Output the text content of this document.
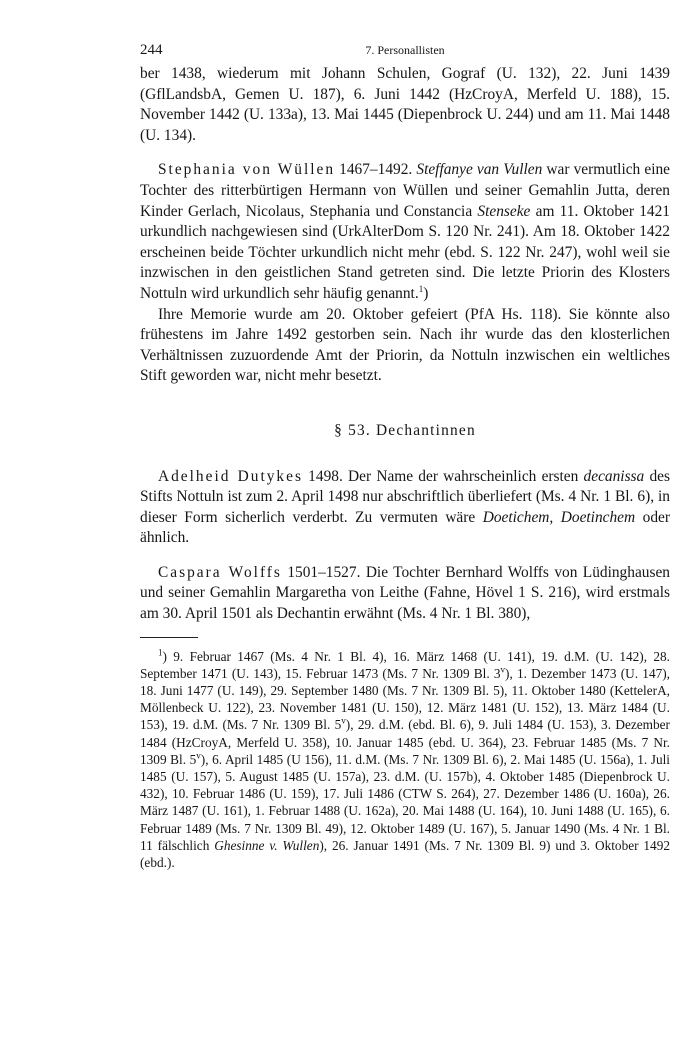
244	7. Personallisten

ber 1438, wiederum mit Johann Schulen, Gograf (U. 132), 22. Juni 1439 (GflLandsbA, Gemen U. 187), 6. Juni 1442 (HzCroyA, Merfeld U. 188), 15. November 1442 (U. 133a), 13. Mai 1445 (Diepenbrock U. 244) und am 11. Mai 1448 (U. 134).

Stephania von Wüllen 1467–1492. Steffanye van Vullen war vermutlich eine Tochter des ritterbürtigen Hermann von Wüllen und seiner Gemahlin Jutta, deren Kinder Gerlach, Nicolaus, Stephania und Constancia Stenseke am 11. Oktober 1421 urkundlich nachgewiesen sind (UrkAlterDom S. 120 Nr. 241). Am 18. Oktober 1422 erscheinen beide Töchter urkundlich nicht mehr (ebd. S. 122 Nr. 247), wohl weil sie inzwischen in den geistlichen Stand getreten sind. Die letzte Priorin des Klosters Nottuln wird urkundlich sehr häufig genannt.$^1$)

Ihre Memorie wurde am 20. Oktober gefeiert (PfA Hs. 118). Sie könnte also frühestens im Jahre 1492 gestorben sein. Nach ihr wurde das den klosterlichen Verhältnissen zuzuordende Amt der Priorin, da Nottuln inzwischen ein weltliches Stift geworden war, nicht mehr besetzt.

§ 53. Dechantinnen

Adelheid Dutykes 1498. Der Name der wahrscheinlich ersten decanissa des Stifts Nottuln ist zum 2. April 1498 nur abschriftlich überliefert (Ms. 4 Nr. 1 Bl. 6), in dieser Form sicherlich verderbt. Zu vermuten wäre Doetichem, Doetinchem oder ähnlich.

Caspara Wolffs 1501–1527. Die Tochter Bernhard Wolffs von Lüdinghausen und seiner Gemahlin Margaretha von Leithe (Fahne, Hövel 1 S. 216), wird erstmals am 30. April 1501 als Dechantin erwähnt (Ms. 4 Nr. 1 Bl. 380),

$^1$) 9. Februar 1467 (Ms. 4 Nr. 1 Bl. 4), 16. März 1468 (U. 141), 19. d.M. (U. 142), 28. September 1471 (U. 143), 15. Februar 1473 (Ms. 7 Nr. 1309 Bl. 3$^v$), 1. Dezember 1473 (U. 147), 18. Juni 1477 (U. 149), 29. September 1480 (Ms. 7 Nr. 1309 Bl. 5), 11. Oktober 1480 (KettelerA, Möllenbeck U. 122), 23. November 1481 (U. 150), 12. März 1481 (U. 152), 13. März 1484 (U. 153), 19. d.M. (Ms. 7 Nr. 1309 Bl. 5$^v$), 29. d.M. (ebd. Bl. 6), 9. Juli 1484 (U. 153), 3. Dezember 1484 (HzCroyA, Merfeld U. 358), 10. Januar 1485 (ebd. U. 364), 23. Februar 1485 (Ms. 7 Nr. 1309 Bl. 5$^v$), 6. April 1485 (U 156), 11. d.M. (Ms. 7 Nr. 1309 Bl. 6), 2. Mai 1485 (U. 156a), 1. Juli 1485 (U. 157), 5. August 1485 (U. 157a), 23. d.M. (U. 157b), 4. Oktober 1485 (Diepenbrock U. 432), 10. Februar 1486 (U. 159), 17. Juli 1486 (CTW S. 264), 27. Dezember 1486 (U. 160a), 26. März 1487 (U. 161), 1. Februar 1488 (U. 162a), 20. Mai 1488 (U. 164), 10. Juni 1488 (U. 165), 6. Februar 1489 (Ms. 7 Nr. 1309 Bl. 49), 12. Oktober 1489 (U. 167), 5. Januar 1490 (Ms. 4 Nr. 1 Bl. 11 fälschlich Ghesinne v. Wullen), 26. Januar 1491 (Ms. 7 Nr. 1309 Bl. 9) und 3. Oktober 1492 (ebd.).
